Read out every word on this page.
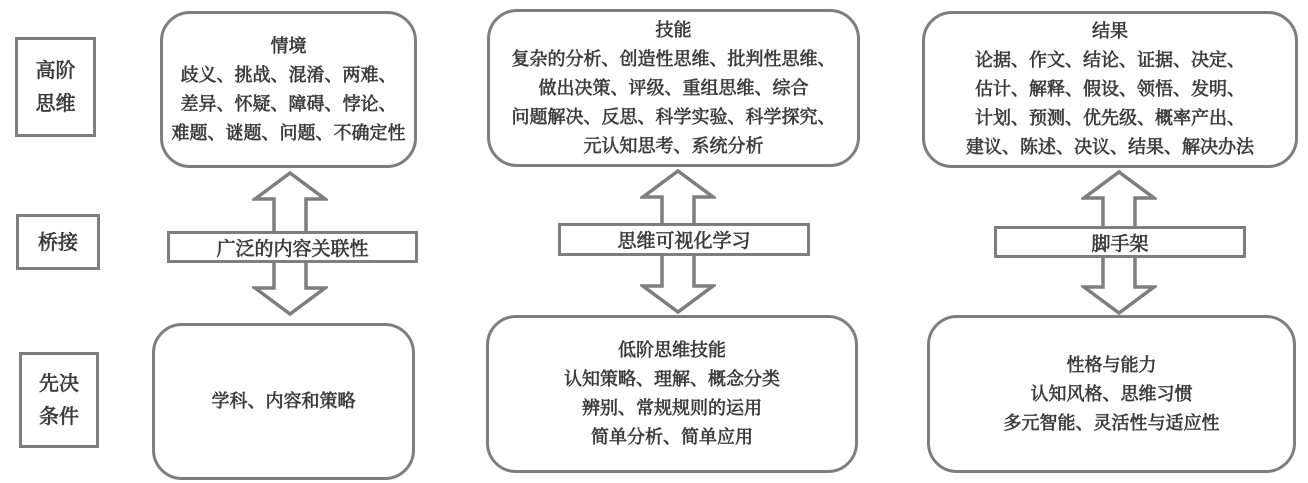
高阶
思维
桥接
先决
条件
情境
歧义、挑战、混淆、两难、
差异、怀疑、障碍、悖论、
难题、谜题、问题、不确定性
广泛的内容关联性
学科、内容和策略
技能
复杂的分析、创造性思维、批判性思维、
做出决策、评级、重组思维、综合
问题解决、反思、科学实验、科学探究、
元认知思考、系统分析
思维可视化学习
低阶思维技能
认知策略、理解、概念分类
辨别、常规规则的运用
简单分析、简单应用
结果
论据、作文、结论、证据、决定、
估计、解释、假设、领悟、发明、
计划、预测、优先级、概率产出、
建议、陈述、决议、结果、解决办法
脚手架
性格与能力
认知风格、思维习惯
多元智能、灵活性与适应性
